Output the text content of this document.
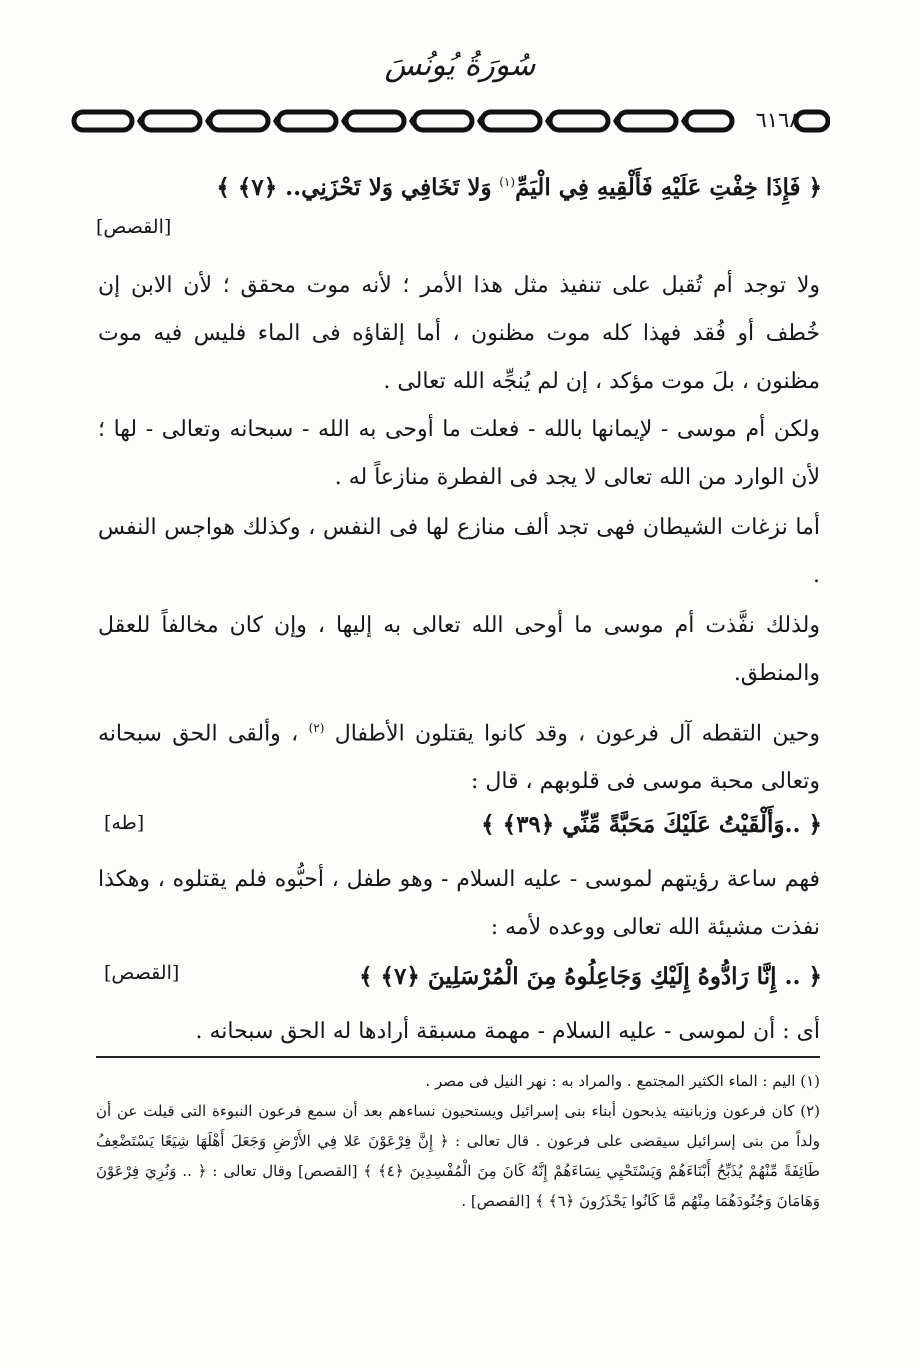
سُورَةُ يُونُسَ
٦١٦٨
﴿ فَإِذَا خِفْتِ عَلَيْهِ فَأَلْقِيهِ فِي الْيَمِّ$^{(١)}$ وَلا تَخَافِي وَلا تَحْزَنِي.. ﴿٧﴾ ﴾
[القصص]

ولا توجد أم تُقبل على تنفيذ مثل هذا الأمر ؛ لأنه موت محقق ؛ لأن الابن إن خُطف أو فُقد فهذا كله موت مظنون ، أما إلقاؤه فى الماء فليس فيه موت مظنون ، بلَ موت مؤكد ، إن لم يُنجِّه الله تعالى .

ولكن أم موسى - لإيمانها بالله - فعلت ما أوحى به الله - سبحانه وتعالى - لها ؛ لأن الوارد من الله تعالى لا يجد فى الفطرة منازعاً له .

أما نزغات الشيطان فهى تجد ألف منازع لها فى النفس ، وكذلك هواجس النفس .

ولذلك نفَّذت أم موسى ما أوحى الله تعالى به إليها ، وإن كان مخالفاً للعقل والمنطق.

وحين التقطه آل فرعون ، وقد كانوا يقتلون الأطفال $^{(٢)}$ ، وألقى الحق سبحانه وتعالى محبة موسى فى قلوبهم ، قال :

﴿ ..وَأَلْقَيْتُ عَلَيْكَ مَحَبَّةً مِّنِّي ﴿٣٩﴾ ﴾
[طه]

فهم ساعة رؤيتهم لموسى - عليه السلام - وهو طفل ، أحبُّوه فلم يقتلوه ، وهكذا نفذت مشيئة الله تعالى ووعده لأمه :

﴿ .. إِنَّا رَادُّوهُ إِلَيْكِ وَجَاعِلُوهُ مِنَ الْمُرْسَلِينَ ﴿٧﴾ ﴾
[القصص]

أى : أن لموسى - عليه السلام - مهمة مسبقة أرادها له الحق سبحانه .

(١) اليم : الماء الكثير المجتمع . والمراد به : نهر النيل فى مصر .

(٢) كان فرعون وزبانيته يذبحون أبناء بنى إسرائيل ويستحيون نساءهم بعد أن سمع فرعون النبوءة التى قيلت عن أن ولداً من بنى إسرائيل سيقضى على فرعون . قال تعالى : ﴿ إِنَّ فِرْعَوْنَ عَلا فِي الأَرْضِ وَجَعَلَ أَهْلَهَا شِيَعًا يَسْتَضْعِفُ طَائِفَةً مِّنْهُمْ يُذَبِّحُ أَبْنَاءَهُمْ وَيَسْتَحْيِي نِسَاءَهُمْ إِنَّهُ كَانَ مِنَ الْمُفْسِدِينَ ﴿٤﴾ ﴾ [القصص] وقال تعالى : ﴿ .. وَنُرِيَ فِرْعَوْنَ وَهَامَانَ وَجُنُودَهُمَا مِنْهُم مَّا كَانُوا يَحْذَرُونَ ﴿٦﴾ ﴾ [القصص] .
